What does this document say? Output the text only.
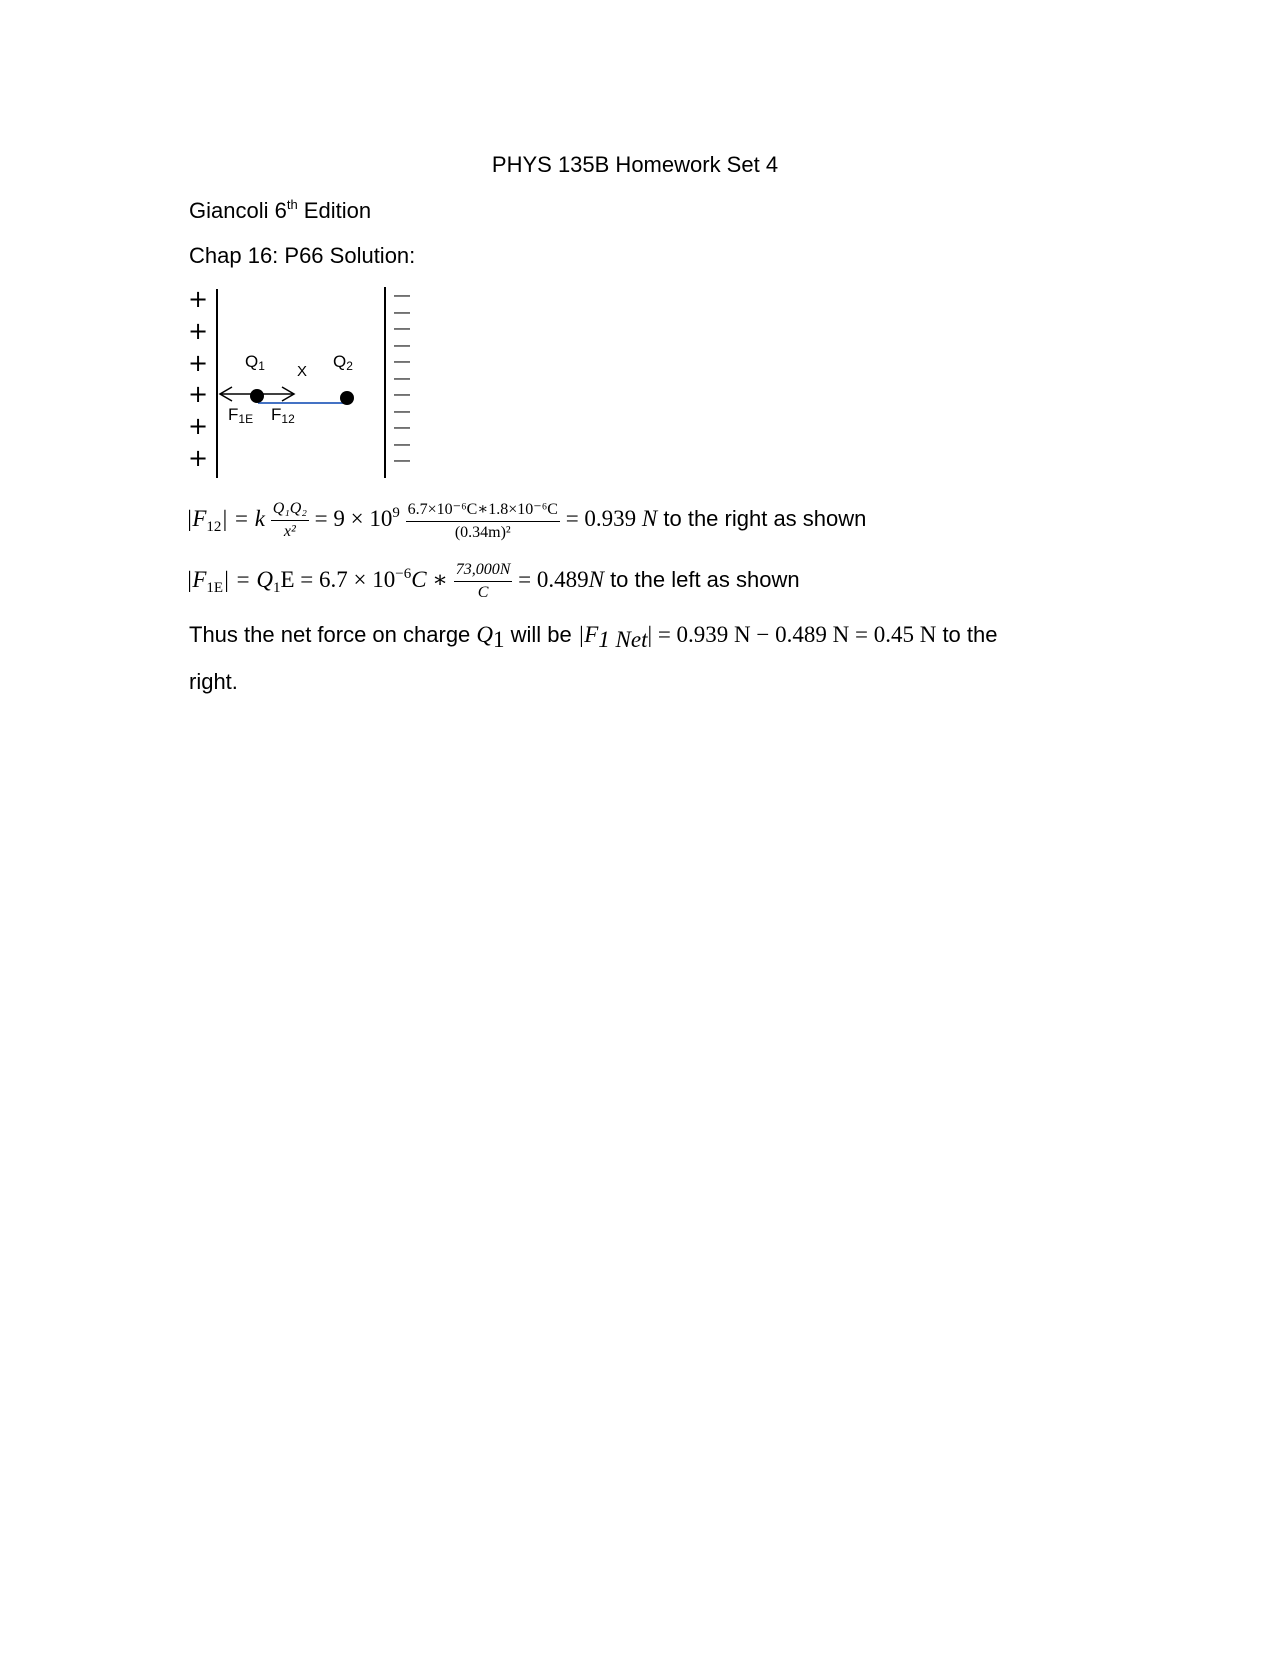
PHYS 135B Homework Set 4
Giancoli 6th Edition
Chap 16: P66 Solution:
+
+
+
+
+
+
—
—
—
—
—
—
—
—
—
—
—
$Q_1$ X
$Q_2$
$F_{1E}$ $F_{12}$
$|F_{12}| = k \frac{\text{Q₁Q₂}}{\text{x²}} = 9 \times 10^9 \frac{\text{6.7×10⁻⁶C∗1.8×10⁻⁶C}}{\text{(0.34m)²}} = 0.939$ N to the right as shown
$|F_{1E}| = Q_1E = 6.7 \times 10^{-6}C$ ∗ $\frac{73,000N}{C} = 0.489N$ to the left as shown
Thus the net force on charge $Q_1$ will be $|F_{1 Net}| = 0.939$ N − 0.489 N = 0.45 N to the
right.
